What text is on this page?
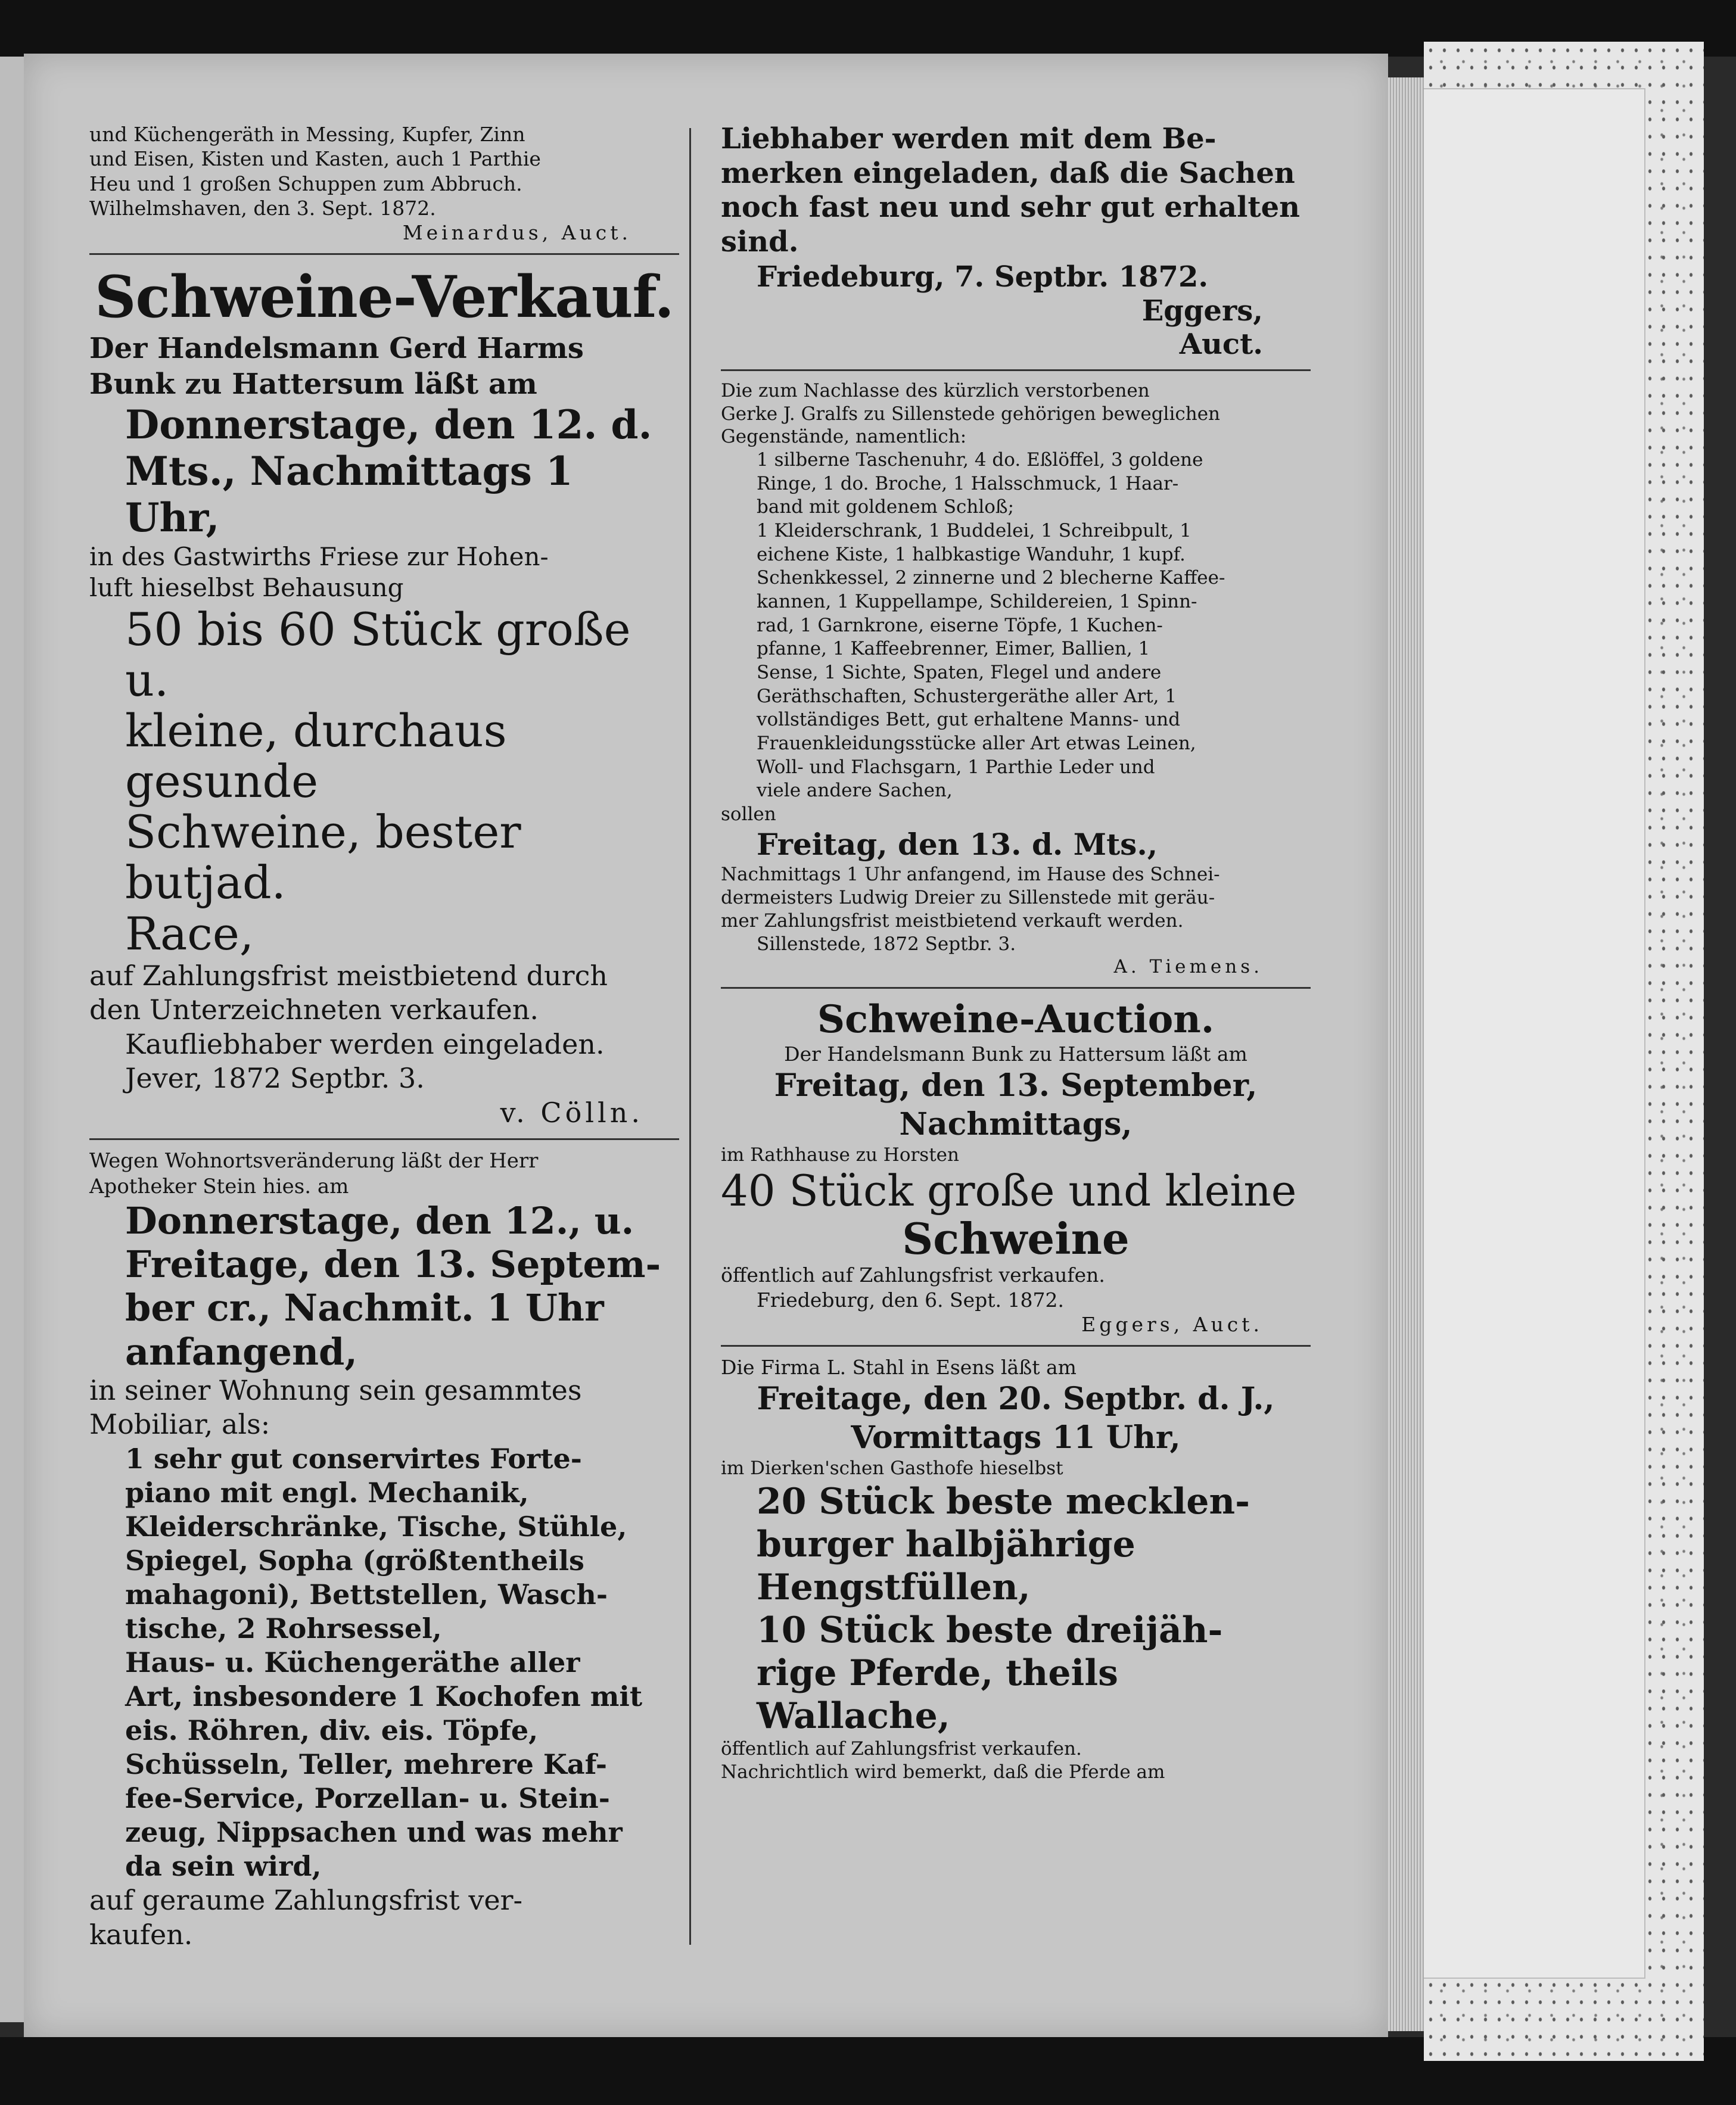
und Küchengeräth in Messing, Kupfer, Zinn
und Eisen, Kisten und Kasten, auch 1 Parthie
Heu und 1 großen Schuppen zum Abbruch.
Wilhelmshaven, den 3. Sept. 1872.
Meinardus, Auct.
Schweine-Verkauf.
Der Handelsmann Gerd Harms
Bunk zu Hattersum läßt am
Donnerstage, den 12. d.
Mts., Nachmittags 1 Uhr,
in des Gastwirths Friese zur Hohen-
luft hieselbst Behausung
50 bis 60 Stück große u.
kleine, durchaus gesunde
Schweine, bester butjad.
Race,
auf Zahlungsfrist meistbietend durch
den Unterzeichneten verkaufen.
Kaufliebhaber werden eingeladen.
Jever, 1872 Septbr. 3.
v. Cölln.
Wegen Wohnortsveränderung läßt der Herr
Apotheker Stein hies. am
Donnerstage, den 12., u.
Freitage, den 13. Septem-
ber cr., Nachmit. 1 Uhr
anfangend,
in seiner Wohnung sein gesammtes
Mobiliar, als:
1 sehr gut conservirtes Forte-
piano mit engl. Mechanik,
Kleiderschränke, Tische, Stühle,
Spiegel, Sopha (größtentheils
mahagoni), Bettstellen, Wasch-
tische, 2 Rohrsessel,
Haus- u. Küchengeräthe aller
Art, insbesondere 1 Kochofen mit
eis. Röhren, div. eis. Töpfe,
Schüsseln, Teller, mehrere Kaf-
fee-Service, Porzellan- u. Stein-
zeug, Nippsachen und was mehr
da sein wird,
auf geraume Zahlungsfrist ver-
kaufen.
Liebhaber werden mit dem Be-
merken eingeladen, daß die Sachen
noch fast neu und sehr gut erhalten
sind.
Friedeburg, 7. Septbr. 1872.
Eggers,
Auct.
Die zum Nachlasse des kürzlich verstorbenen
Gerke J. Gralfs zu Sillenstede gehörigen beweglichen
Gegenstände, namentlich:
1 silberne Taschenuhr, 4 do. Eßlöffel, 3 goldene
Ringe, 1 do. Broche, 1 Halsschmuck, 1 Haar-
band mit goldenem Schloß;
1 Kleiderschrank, 1 Buddelei, 1 Schreibpult, 1
eichene Kiste, 1 halbkastige Wanduhr, 1 kupf.
Schenkkessel, 2 zinnerne und 2 blecherne Kaffee-
kannen, 1 Kuppellampe, Schildereien, 1 Spinn-
rad, 1 Garnkrone, eiserne Töpfe, 1 Kuchen-
pfanne, 1 Kaffeebrenner, Eimer, Ballien, 1
Sense, 1 Sichte, Spaten, Flegel und andere
Geräthschaften, Schustergeräthe aller Art, 1
vollständiges Bett, gut erhaltene Manns- und
Frauenkleidungsstücke aller Art etwas Leinen,
Woll- und Flachsgarn, 1 Parthie Leder und
viele andere Sachen,
sollen
Freitag, den 13. d. Mts.,
Nachmittags 1 Uhr anfangend, im Hause des Schnei-
dermeisters Ludwig Dreier zu Sillenstede mit geräu-
mer Zahlungsfrist meistbietend verkauft werden.
Sillenstede, 1872 Septbr. 3.
A. Tiemens.
Schweine-Auction.
Der Handelsmann Bunk zu Hattersum läßt am
Freitag, den 13. September,
Nachmittags,
im Rathhause zu Horsten
40 Stück große und kleine
Schweine
öffentlich auf Zahlungsfrist verkaufen.
Friedeburg, den 6. Sept. 1872.
Eggers, Auct.
Die Firma L. Stahl in Esens läßt am
Freitage, den 20. Septbr. d. J.,
Vormittags 11 Uhr,
im Dierken'schen Gasthofe hieselbst
20 Stück beste mecklen-
burger halbjährige
Hengstfüllen,
10 Stück beste dreijäh-
rige Pferde, theils
Wallache,
öffentlich auf Zahlungsfrist verkaufen.
Nachrichtlich wird bemerkt, daß die Pferde am
